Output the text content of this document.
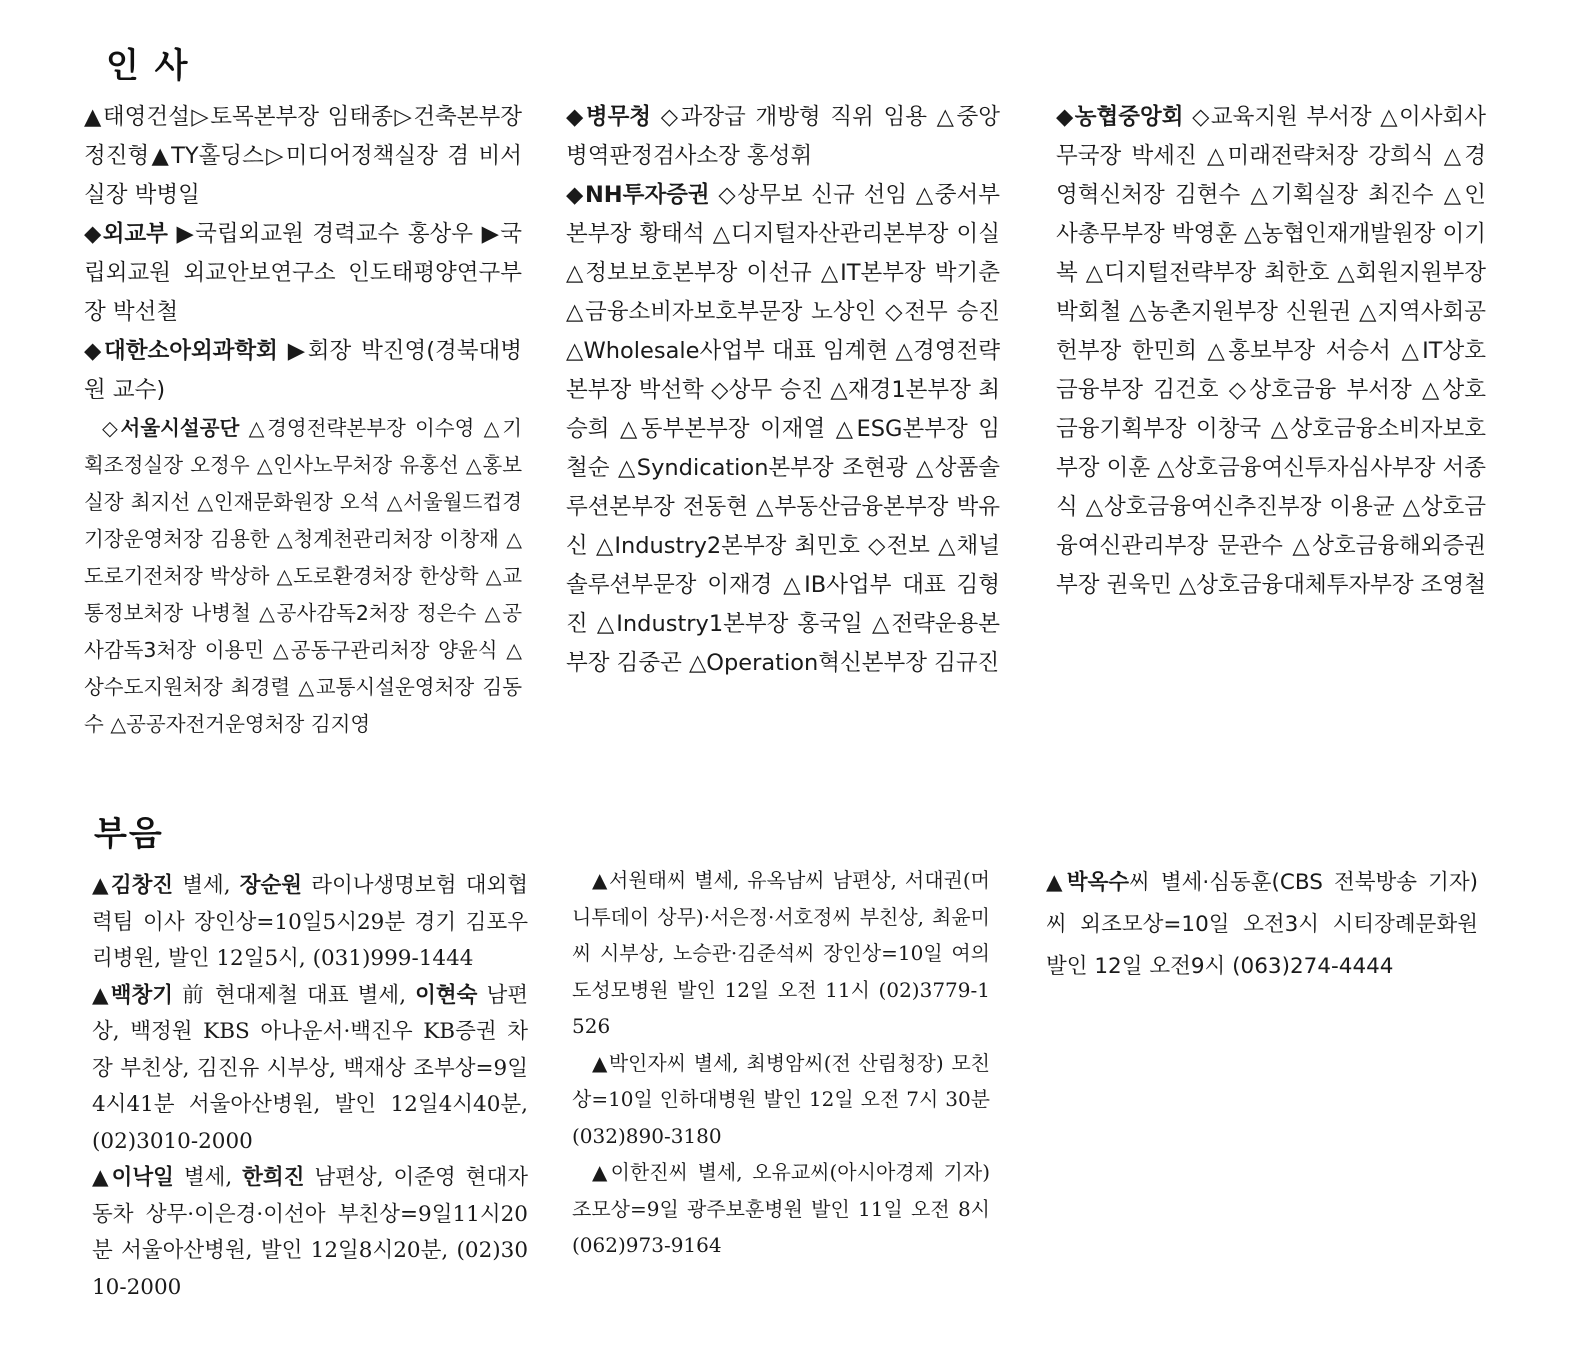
인 사

▲태영건설▷토목본부장 임태종▷건축본부장 정진형▲TY홀딩스▷미디어정책실장 겸 비서실장 박병일

◆외교부 ▶국립외교원 경력교수 홍상우 ▶국립외교원 외교안보연구소 인도태평양연구부장 박선철

◆대한소아외과학회 ▶회장 박진영(경북대병원 교수)

◇서울시설공단 △경영전략본부장 이수영 △기획조정실장 오정우 △인사노무처장 유홍선 △홍보실장 최지선 △인재문화원장 오석 △서울월드컵경기장운영처장 김용한 △청계천관리처장 이창재 △도로기전처장 박상하 △도로환경처장 한상학 △교통정보처장 나병철 △공사감독2처장 정은수 △공사감독3처장 이용민 △공동구관리처장 양윤식 △상수도지원처장 최경렬 △교통시설운영처장 김동수 △공공자전거운영처장 김지영

◆병무청 ◇과장급 개방형 직위 임용 △중앙병역판정검사소장 홍성휘

◆NH투자증권 ◇상무보 신규 선임 △중서부본부장 황태석 △디지털자산관리본부장 이실 △정보보호본부장 이선규 △IT본부장 박기춘 △금융소비자보호부문장 노상인 ◇전무 승진 △Wholesale사업부 대표 임계현 △경영전략본부장 박선학 ◇상무 승진 △재경1본부장 최승희 △동부본부장 이재열 △ESG본부장 임철순 △Syndication본부장 조현광 △상품솔루션본부장 전동현 △부동산금융본부장 박유신 △Industry2본부장 최민호 ◇전보 △채널솔루션부문장 이재경 △IB사업부 대표 김형진 △Industry1본부장 홍국일 △전략운용본부장 김중곤 △Operation혁신본부장 김규진

◆농협중앙회 ◇교육지원 부서장 △이사회사무국장 박세진 △미래전략처장 강희식 △경영혁신처장 김현수 △기획실장 최진수 △인사총무부장 박영훈 △농협인재개발원장 이기복 △디지털전략부장 최한호 △회원지원부장 박회철 △농촌지원부장 신원권 △지역사회공헌부장 한민희 △홍보부장 서승서 △IT상호금융부장 김건호 ◇상호금융 부서장 △상호금융기획부장 이창국 △상호금융소비자보호부장 이훈 △상호금융여신투자심사부장 서종식 △상호금융여신추진부장 이용균 △상호금융여신관리부장 문관수 △상호금융해외증권부장 권욱민 △상호금융대체투자부장 조영철

부음

▲김창진 별세, 장순원 라이나생명보험 대외협력팀 이사 장인상=10일5시29분 경기 김포우리병원, 발인 12일5시, (031)999-1444

▲백창기 前 현대제철 대표 별세, 이현숙 남편상, 백정원 KBS 아나운서·백진우 KB증권 차장 부친상, 김진유 시부상, 백재상 조부상=9일4시41분 서울아산병원, 발인 12일4시40분, (02)3010-2000

▲이낙일 별세, 한희진 남편상, 이준영 현대자동차 상무·이은경·이선아 부친상=9일11시20분 서울아산병원, 발인 12일8시20분, (02)3010-2000

▲서원태씨 별세, 유옥남씨 남편상, 서대권(머니투데이 상무)·서은정·서호정씨 부친상, 최윤미씨 시부상, 노승관·김준석씨 장인상=10일 여의도성모병원 발인 12일 오전 11시 (02)3779-1526

▲박인자씨 별세, 최병암씨(전 산림청장) 모친상=10일 인하대병원 발인 12일 오전 7시 30분 (032)890-3180

▲이한진씨 별세, 오유교씨(아시아경제 기자) 조모상=9일 광주보훈병원 발인 11일 오전 8시 (062)973-9164

▲박옥수씨 별세·심동훈(CBS 전북방송 기자)씨 외조모상=10일 오전3시 시티장례문화원 발인 12일 오전9시 (063)274-4444
